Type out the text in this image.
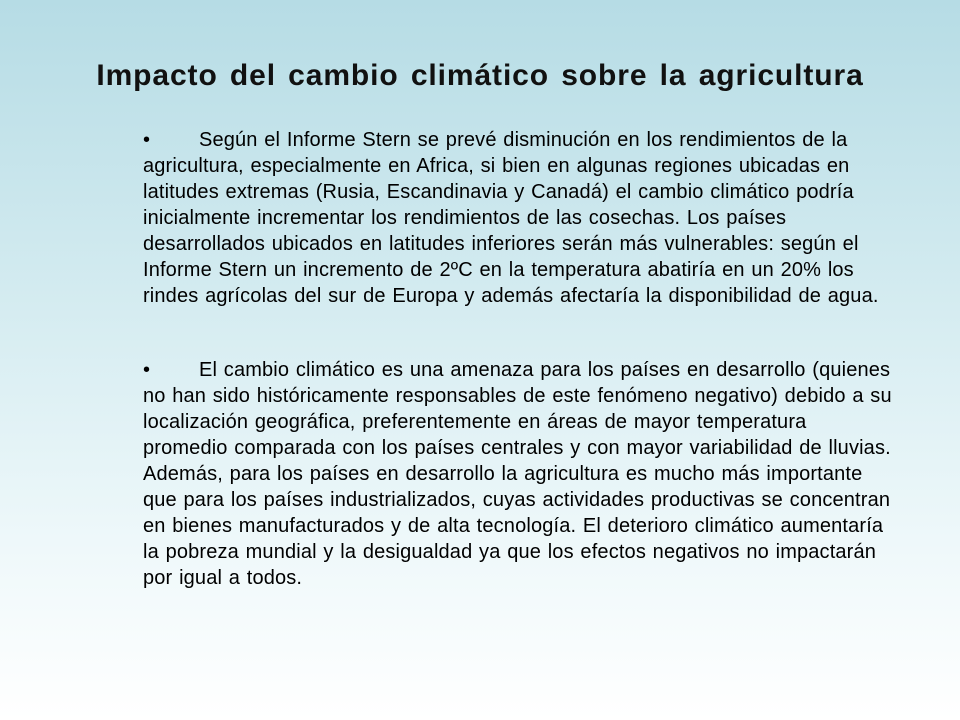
Impacto del cambio climático sobre la agricultura
• Según el Informe Stern se prevé disminución en los rendimientos de la
agricultura, especialmente en Africa, si bien en algunas regiones ubicadas en
latitudes extremas (Rusia, Escandinavia y Canadá) el cambio climático podría
inicialmente incrementar los rendimientos de las cosechas. Los países
desarrollados ubicados en latitudes inferiores serán más vulnerables: según el
Informe Stern un incremento de 2ºC en la temperatura abatiría en un 20% los
rindes agrícolas del sur de Europa y además afectaría la disponibilidad de agua.
• El cambio climático es una amenaza para los países en desarrollo (quienes
no han sido históricamente responsables de este fenómeno negativo) debido a su
localización geográfica, preferentemente en áreas de mayor temperatura
promedio comparada con los países centrales y con mayor variabilidad de lluvias.
Además, para los países en desarrollo la agricultura es mucho más importante
que para los países industrializados, cuyas actividades productivas se concentran
en bienes manufacturados y de alta tecnología. El deterioro climático aumentaría
la pobreza mundial y la desigualdad ya que los efectos negativos no impactarán
por igual a todos.
